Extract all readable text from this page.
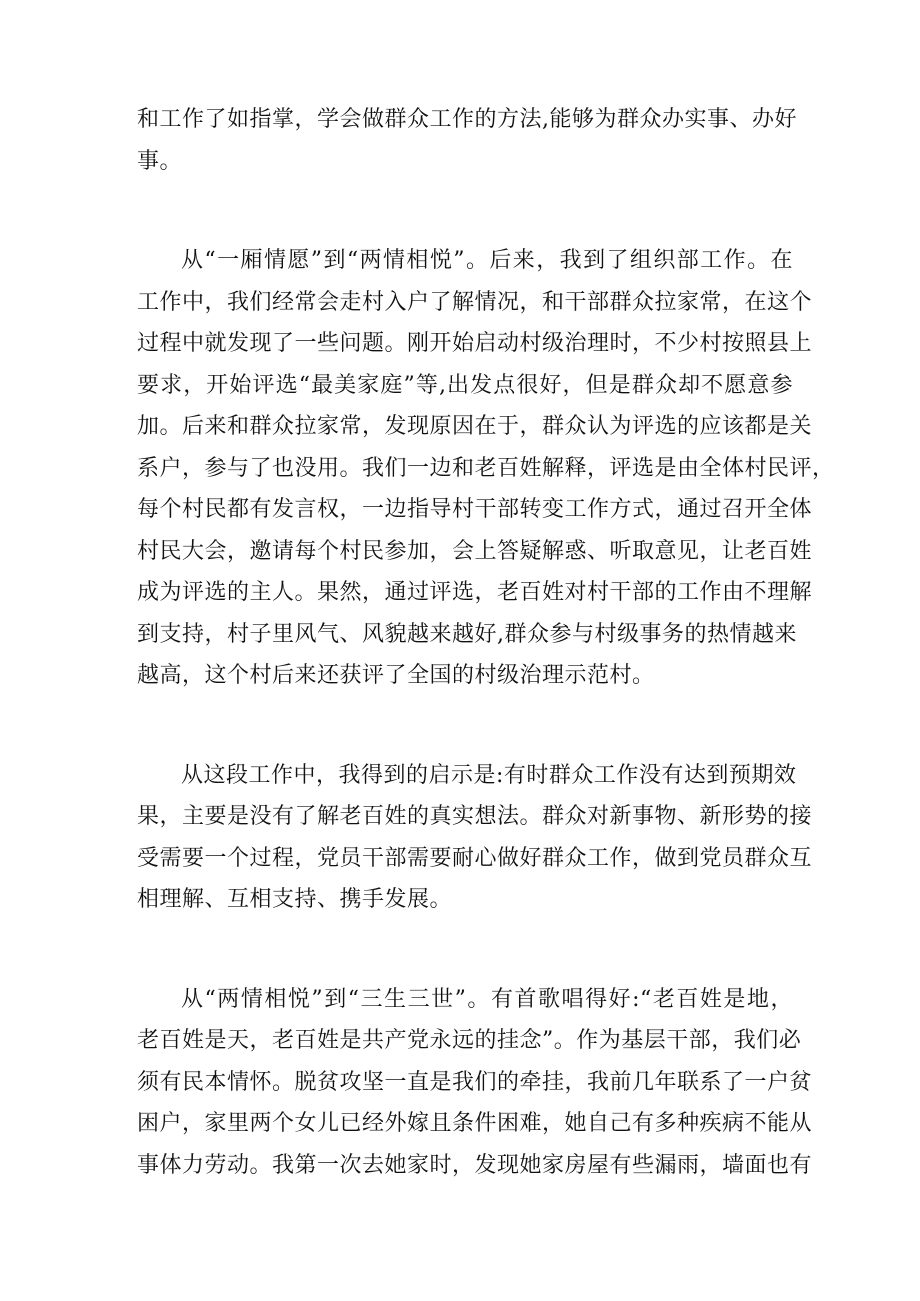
和工作了如指掌，学会做群众工作的方法,能够为群众办实事、办好
事。

从“一厢情愿”到“两情相悦”。后来，我到了组织部工作。在
工作中，我们经常会走村入户了解情况，和干部群众拉家常，在这个
过程中就发现了一些问题。刚开始启动村级治理时，不少村按照县上
要求，开始评选“最美家庭”等,出发点很好，但是群众却不愿意参
加。后来和群众拉家常，发现原因在于，群众认为评选的应该都是关
系户，参与了也没用。我们一边和老百姓解释，评选是由全体村民评，
每个村民都有发言权，一边指导村干部转变工作方式，通过召开全体
村民大会，邀请每个村民参加，会上答疑解惑、听取意见，让老百姓
成为评选的主人。果然，通过评选，老百姓对村干部的工作由不理解
到支持，村子里风气、风貌越来越好,群众参与村级事务的热情越来
越高，这个村后来还获评了全国的村级治理示范村。

从这段工作中，我得到的启示是:有时群众工作没有达到预期效
果，主要是没有了解老百姓的真实想法。群众对新事物、新形势的接
受需要一个过程，党员干部需要耐心做好群众工作，做到党员群众互
相理解、互相支持、携手发展。

从“两情相悦”到“三生三世”。有首歌唱得好:“老百姓是地，
老百姓是天，老百姓是共产党永远的挂念”。作为基层干部，我们必
须有民本情怀。脱贫攻坚一直是我们的牵挂，我前几年联系了一户贫
困户，家里两个女儿已经外嫁且条件困难，她自己有多种疾病不能从
事体力劳动。我第一次去她家时，发现她家房屋有些漏雨，墙面也有
